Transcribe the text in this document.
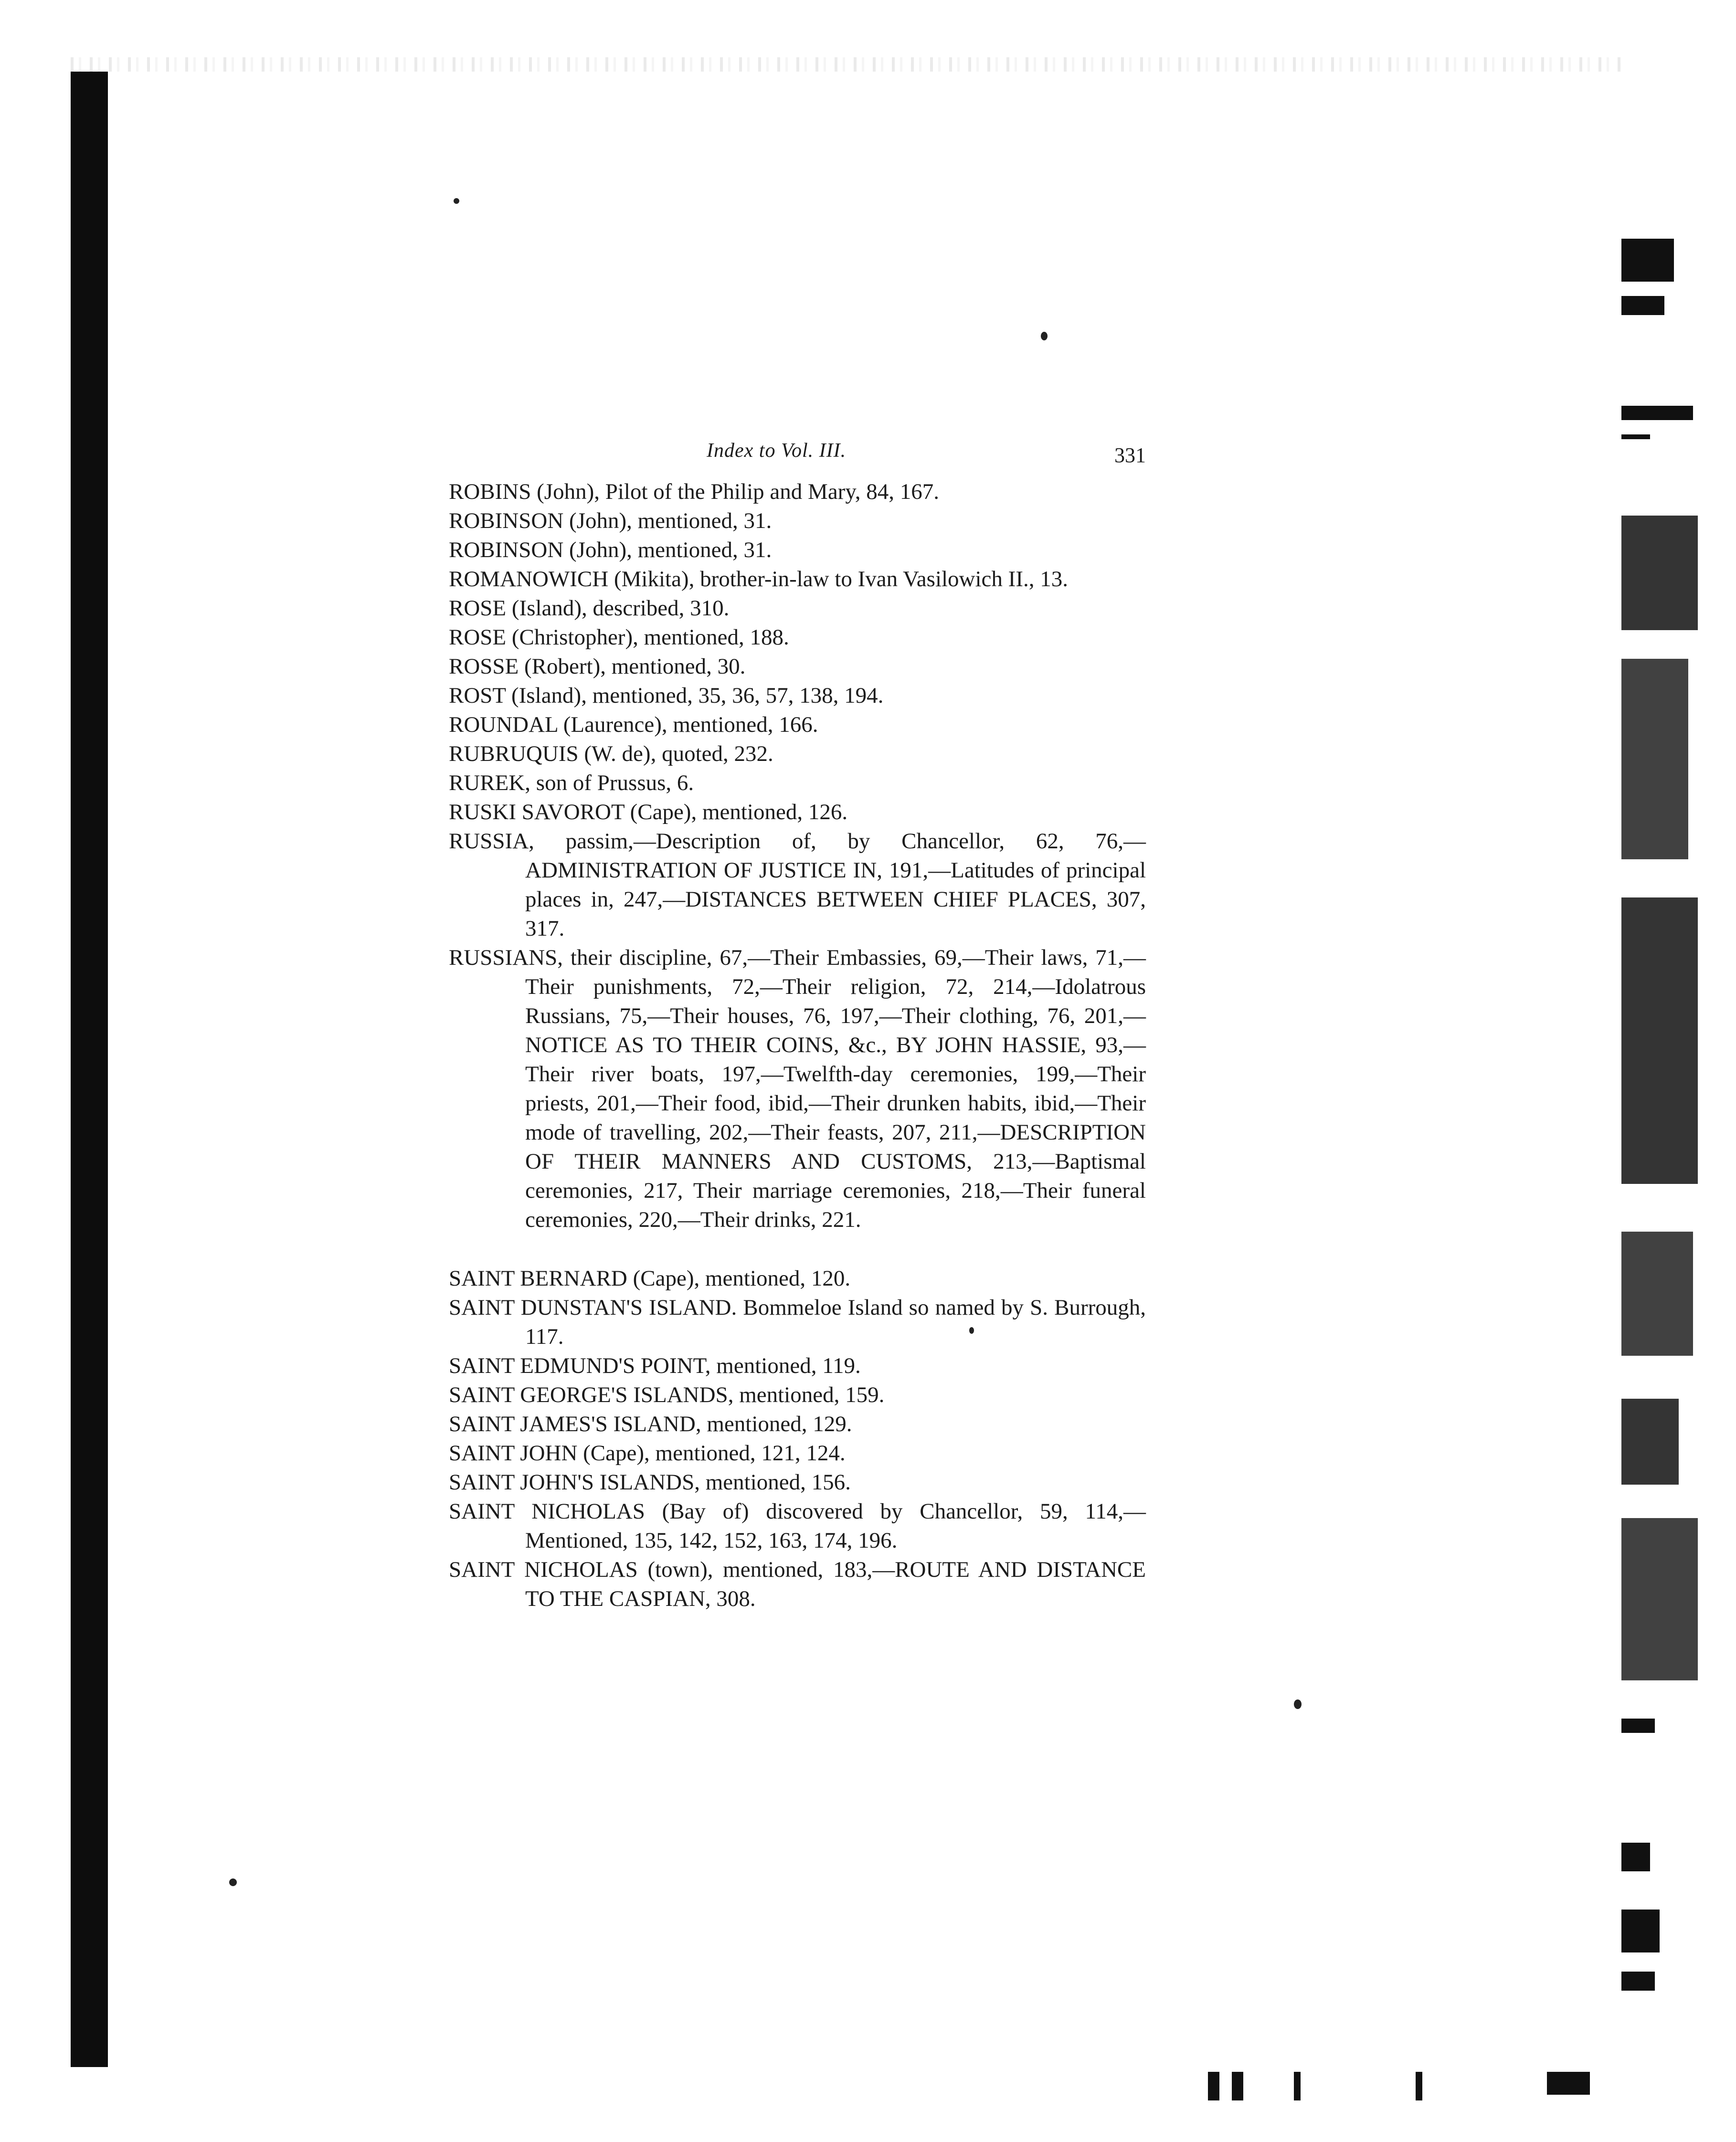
Index to Vol. III.	331

ROBINS (John), Pilot of the Philip and Mary, 84, 167.

ROBINSON (John), mentioned, 31.

ROBINSON (John), mentioned, 31.

ROMANOWICH (Mikita), brother-in-law to Ivan Vasilowich II., 13.

ROSE (Island), described, 310.

ROSE (Christopher), mentioned, 188.

ROSSE (Robert), mentioned, 30.

ROST (Island), mentioned, 35, 36, 57, 138, 194.

ROUNDAL (Laurence), mentioned, 166.

RUBRUQUIS (W. de), quoted, 232.

RUREK, son of Prussus, 6.

RUSKI SAVOROT (Cape), mentioned, 126.

RUSSIA, passim,—Description of, by Chancellor, 62, 76,—ADMINISTRATION OF JUSTICE IN, 191,—Latitudes of principal places in, 247,—DISTANCES BETWEEN CHIEF PLACES, 307, 317.

RUSSIANS, their discipline, 67,—Their Embassies, 69,—Their laws, 71,—Their punishments, 72,—Their religion, 72, 214,—Idolatrous Russians, 75,—Their houses, 76, 197,—Their clothing, 76, 201,—NOTICE AS TO THEIR COINS, &c., BY JOHN HASSIE, 93,—Their river boats, 197,—Twelfth-day ceremonies, 199,—Their priests, 201,—Their food, ibid,—Their drunken habits, ibid,—Their mode of travelling, 202,—Their feasts, 207, 211,—DESCRIPTION OF THEIR MANNERS AND CUSTOMS, 213,—Baptismal ceremonies, 217, Their marriage ceremonies, 218,—Their funeral ceremonies, 220,—Their drinks, 221.

SAINT BERNARD (Cape), mentioned, 120.

SAINT DUNSTAN'S ISLAND. Bommeloe Island so named by S. Burrough, 117.

SAINT EDMUND'S POINT, mentioned, 119.

SAINT GEORGE'S ISLANDS, mentioned, 159.

SAINT JAMES'S ISLAND, mentioned, 129.

SAINT JOHN (Cape), mentioned, 121, 124.

SAINT JOHN'S ISLANDS, mentioned, 156.

SAINT NICHOLAS (Bay of) discovered by Chancellor, 59, 114,—Mentioned, 135, 142, 152, 163, 174, 196.

SAINT NICHOLAS (town), mentioned, 183,—ROUTE AND DISTANCE TO THE CASPIAN, 308.
